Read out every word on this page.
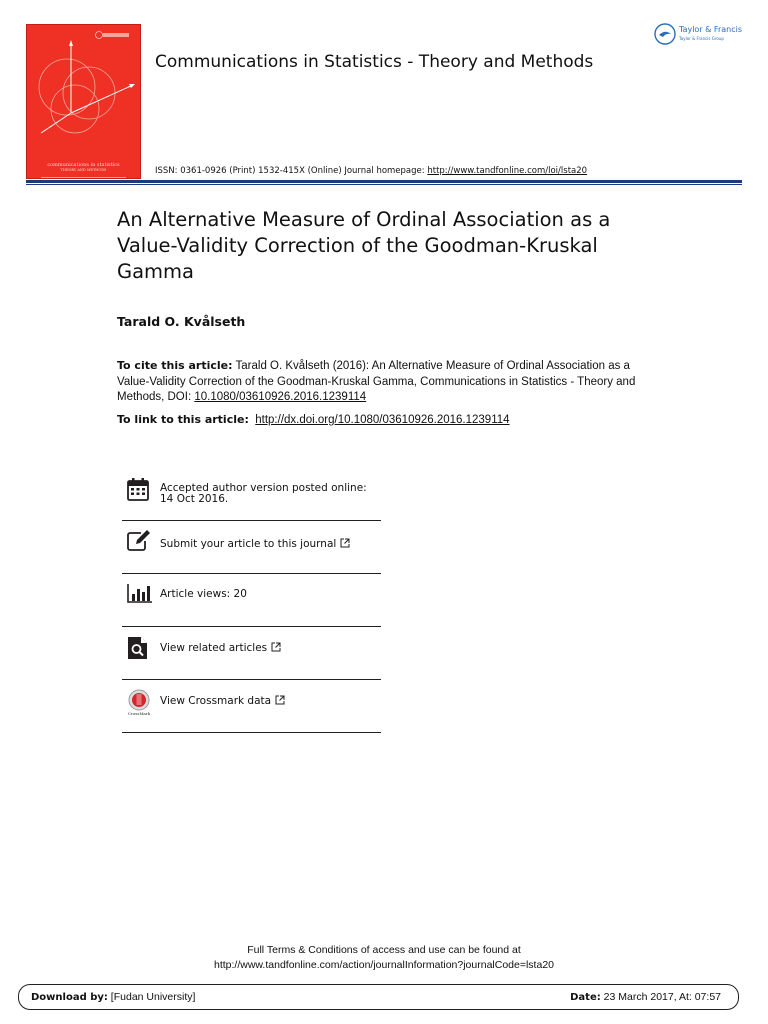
communications in statistics
THEORY AND METHODS
Communications in Statistics - Theory and Methods
ISSN: 0361-0926 (Print) 1532-415X (Online) Journal homepage: http://www.tandfonline.com/loi/lsta20
Taylor & Francis
Taylor & Francis Group
An Alternative Measure of Ordinal Association as a Value-Validity Correction of the Goodman-Kruskal Gamma
Tarald O. Kvålseth
To cite this article: Tarald O. Kvålseth (2016): An Alternative Measure of Ordinal Association as a Value-Validity Correction of the Goodman-Kruskal Gamma, Communications in Statistics - Theory and Methods, DOI: 10.1080/03610926.2016.1239114
To link to this article: http://dx.doi.org/10.1080/03610926.2016.1239114
Accepted author version posted online: 14 Oct 2016.
Submit your article to this journal
Article views: 20
View related articles
CrossMark
View Crossmark data
Full Terms & Conditions of access and use can be found at
http://www.tandfonline.com/action/journalInformation?journalCode=lsta20
Download by: [Fudan University]	Date: 23 March 2017, At: 07:57
